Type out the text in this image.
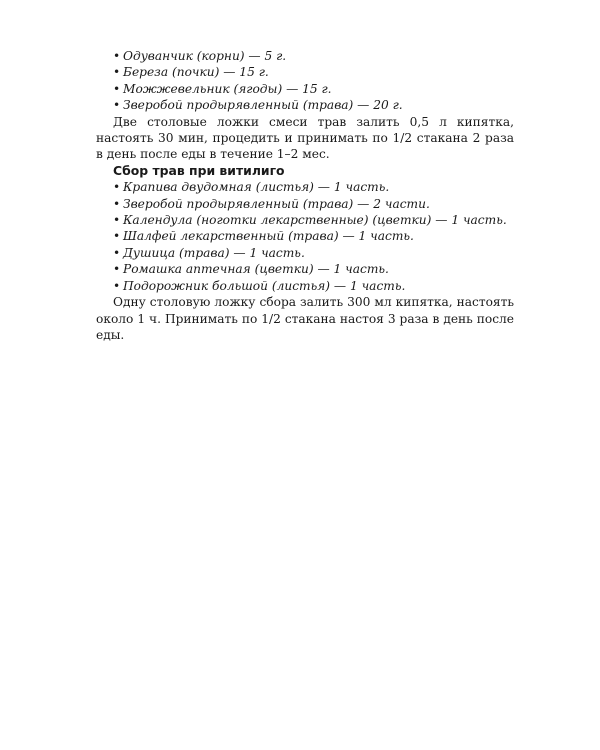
• Одуванчик (корни) — 5 г.
• Береза (почки) — 15 г.
• Можжевельник (ягоды) — 15 г.
• Зверобой продырявленный (трава) — 20 г.

Две столовые ложки смеси трав залить 0,5 л кипятка, настоять 30 мин, процедить и принимать по 1/2 стакана 2 раза в день после еды в течение 1–2 мес.

Сбор трав при витилиго
• Крапива двудомная (листья) — 1 часть.
• Зверобой продырявленный (трава) — 2 части.
• Календула (ноготки лекарственные) (цветки) — 1 часть.
• Шалфей лекарственный (трава) — 1 часть.
• Душица (трава) — 1 часть.
• Ромашка аптечная (цветки) — 1 часть.
• Подорожник большой (листья) — 1 часть.

Одну столовую ложку сбора залить 300 мл кипятка, настоять около 1 ч. Принимать по 1/2 стакана настоя 3 раза в день после еды.
